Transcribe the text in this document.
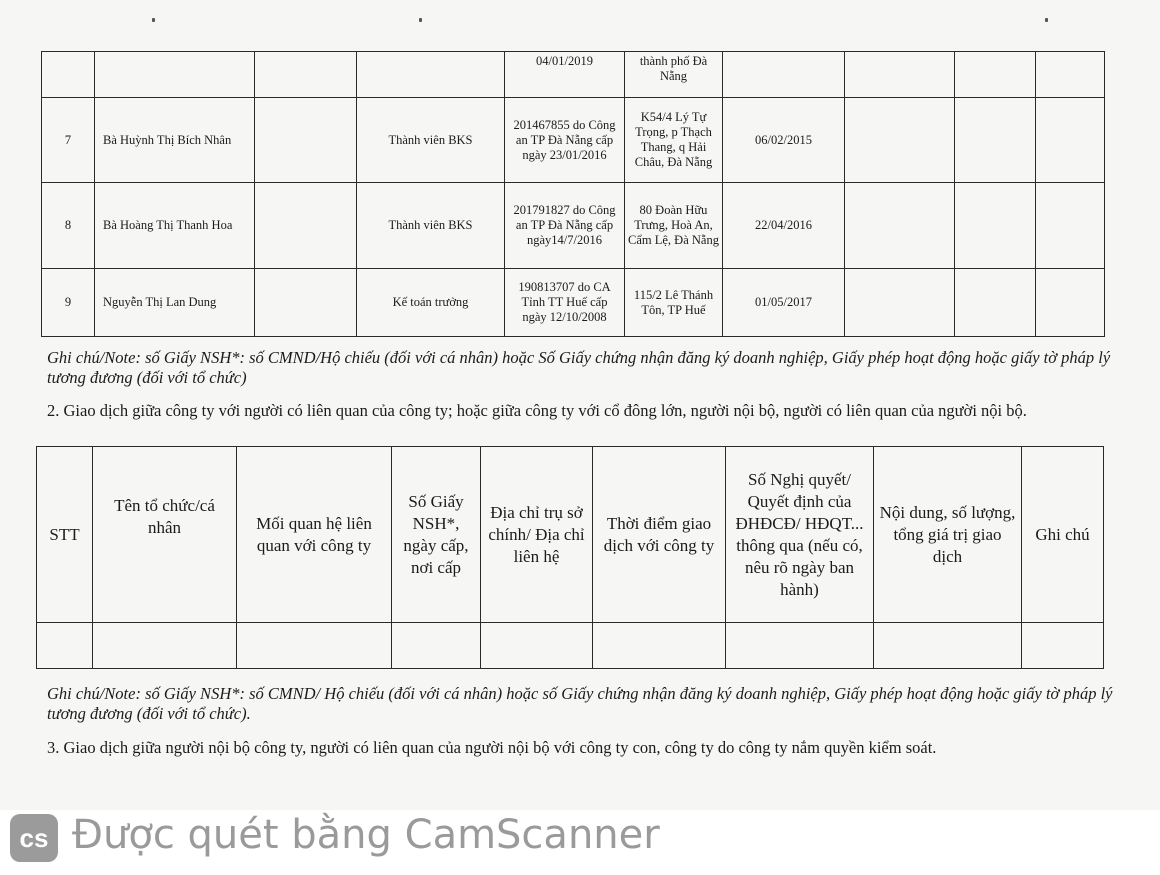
				04/01/2019	thành phố Đà Nẵng				
7	Bà Huỳnh Thị Bích Nhân		Thành viên BKS	201467855 do Công an TP Đà Nẵng cấp ngày 23/01/2016	K54/4 Lý Tự Trọng, p Thạch Thang, q Hải Châu, Đà Nẵng	06/02/2015			
8	Bà Hoàng Thị Thanh Hoa		Thành viên BKS	201791827 do Công an TP Đà Nẵng cấp ngày14/7/2016	80 Đoàn Hữu Trưng, Hoà An, Cẩm Lệ, Đà Nẵng	22/04/2016			
9	Nguyễn Thị Lan Dung		Kế toán trưởng	190813707 do CA Tỉnh TT Huế cấp ngày 12/10/2008	115/2 Lê Thánh Tôn, TP Huế	01/05/2017			
Ghi chú/Note: số Giấy NSH*: số CMND/Hộ chiếu (đối với cá nhân) hoặc Số Giấy chứng nhận đăng ký doanh nghiệp, Giấy phép hoạt động hoặc giấy tờ pháp lý tương đương (đối với tổ chức)
2. Giao dịch giữa công ty với người có liên quan của công ty; hoặc giữa công ty với cổ đông lớn, người nội bộ, người có liên quan của người nội bộ.
STT	Tên tổ chức/cá nhân	Mối quan hệ liên quan với công ty	Số Giấy NSH*, ngày cấp, nơi cấp	Địa chỉ trụ sở chính/ Địa chỉ liên hệ	Thời điểm giao dịch với công ty	Số Nghị quyết/ Quyết định của ĐHĐCĐ/ HĐQT... thông qua (nếu có, nêu rõ ngày ban hành)	Nội dung, số lượng, tổng giá trị giao dịch	Ghi chú

Ghi chú/Note: số Giấy NSH*: số CMND/ Hộ chiếu (đối với cá nhân) hoặc số Giấy chứng nhận đăng ký doanh nghiệp, Giấy phép hoạt động hoặc giấy tờ pháp lý tương đương (đối với tổ chức).
3. Giao dịch giữa người nội bộ công ty, người có liên quan của người nội bộ với công ty con, công ty do công ty nắm quyền kiểm soát.
cs Được quét bằng CamScanner
